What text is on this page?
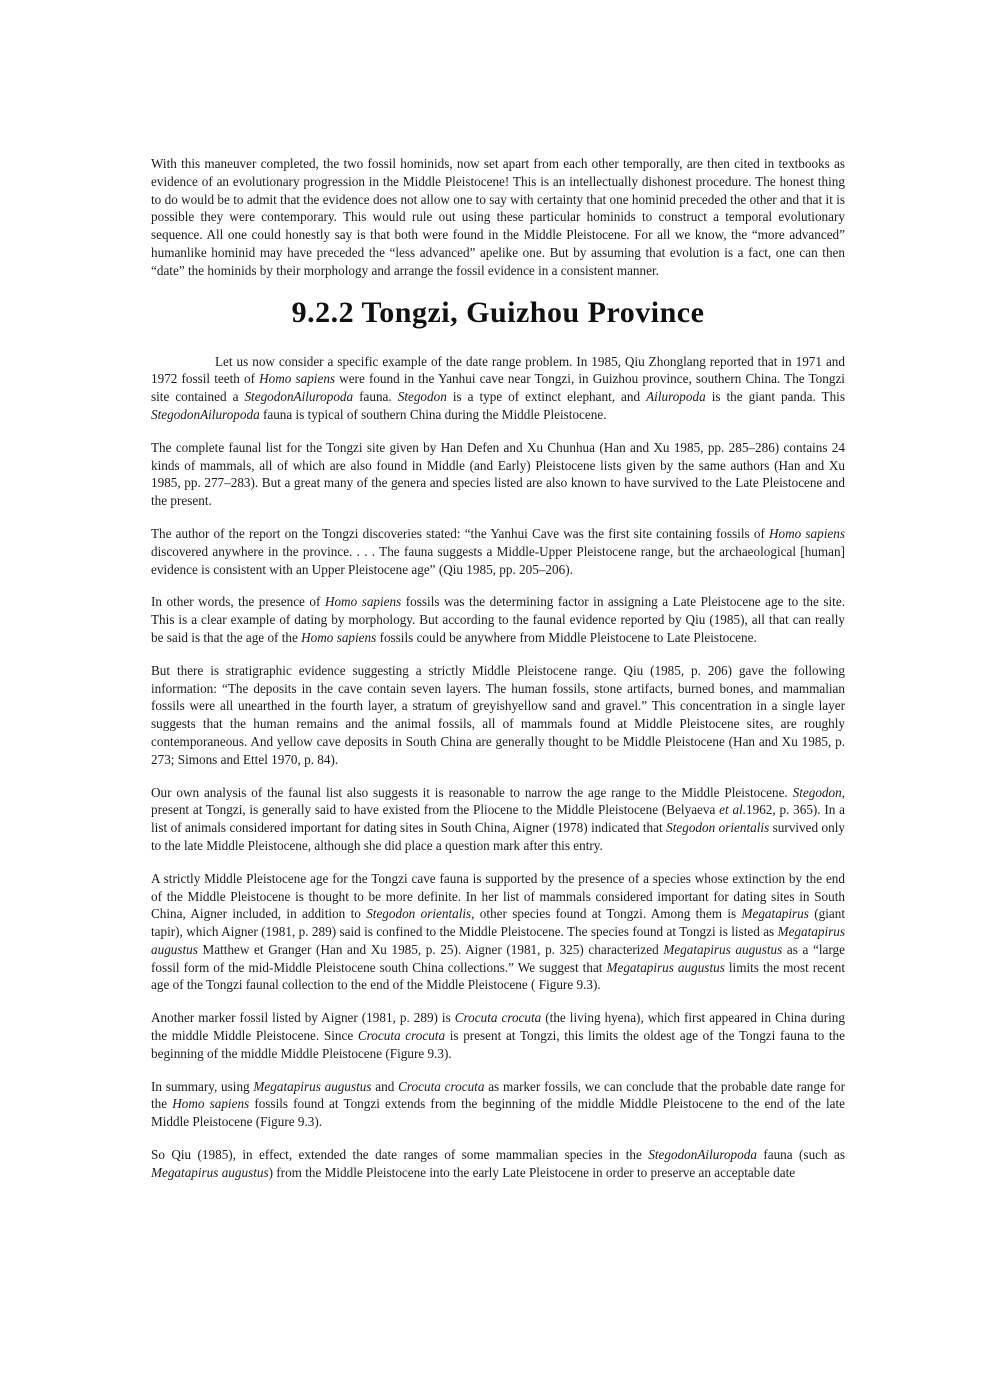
With this maneuver completed, the two fossil hominids, now set apart from each other temporally, are then cited in textbooks as evidence of an evolutionary progression in the Middle Pleistocene! This is an intellectually dishonest procedure. The honest thing to do would be to admit that the evidence does not allow one to say with certainty that one hominid preceded the other and that it is possible they were contemporary. This would rule out using these particular hominids to construct a temporal evolutionary sequence. All one could honestly say is that both were found in the Middle Pleistocene. For all we know, the “more advanced” humanlike hominid may have preceded the “less advanced” apelike one. But by assuming that evolution is a fact, one can then “date” the hominids by their morphology and arrange the fossil evidence in a consistent manner.

9.2.2 Tongzi, Guizhou Province

Let us now consider a specific example of the date range problem. In 1985, Qiu Zhonglang reported that in 1971 and 1972 fossil teeth of Homo sapiens were found in the Yanhui cave near Tongzi, in Guizhou province, southern China. The Tongzi site contained a StegodonAiluropoda fauna. Stegodon is a type of extinct elephant, and Ailuropoda is the giant panda. This StegodonAiluropoda fauna is typical of southern China during the Middle Pleistocene.

The complete faunal list for the Tongzi site given by Han Defen and Xu Chunhua (Han and Xu 1985, pp. 285–286) contains 24 kinds of mammals, all of which are also found in Middle (and Early) Pleistocene lists given by the same authors (Han and Xu 1985, pp. 277–283). But a great many of the genera and species listed are also known to have survived to the Late Pleistocene and the present.

The author of the report on the Tongzi discoveries stated: “the Yanhui Cave was the first site containing fossils of Homo sapiens discovered anywhere in the province. . . . The fauna suggests a Middle-Upper Pleistocene range, but the archaeological [human] evidence is consistent with an Upper Pleistocene age” (Qiu 1985, pp. 205–206).

In other words, the presence of Homo sapiens fossils was the determining factor in assigning a Late Pleistocene age to the site. This is a clear example of dating by morphology. But according to the faunal evidence reported by Qiu (1985), all that can really be said is that the age of the Homo sapiens fossils could be anywhere from Middle Pleistocene to Late Pleistocene.

But there is stratigraphic evidence suggesting a strictly Middle Pleistocene range. Qiu (1985, p. 206) gave the following information: “The deposits in the cave contain seven layers. The human fossils, stone artifacts, burned bones, and mammalian fossils were all unearthed in the fourth layer, a stratum of greyishyellow sand and gravel.” This concentration in a single layer suggests that the human remains and the animal fossils, all of mammals found at Middle Pleistocene sites, are roughly contemporaneous. And yellow cave deposits in South China are generally thought to be Middle Pleistocene (Han and Xu 1985, p. 273; Simons and Ettel 1970, p. 84).

Our own analysis of the faunal list also suggests it is reasonable to narrow the age range to the Middle Pleistocene. Stegodon, present at Tongzi, is generally said to have existed from the Pliocene to the Middle Pleistocene (Belyaeva et al.1962, p. 365). In a list of animals considered important for dating sites in South China, Aigner (1978) indicated that Stegodon orientalis survived only to the late Middle Pleistocene, although she did place a question mark after this entry.

A strictly Middle Pleistocene age for the Tongzi cave fauna is supported by the presence of a species whose extinction by the end of the Middle Pleistocene is thought to be more definite. In her list of mammals considered important for dating sites in South China, Aigner included, in addition to Stegodon orientalis, other species found at Tongzi. Among them is Megatapirus (giant tapir), which Aigner (1981, p. 289) said is confined to the Middle Pleistocene. The species found at Tongzi is listed as Megatapirus augustus Matthew et Granger (Han and Xu 1985, p. 25). Aigner (1981, p. 325) characterized Megatapirus augustus as a “large fossil form of the mid-Middle Pleistocene south China collections.” We suggest that Megatapirus augustus limits the most recent age of the Tongzi faunal collection to the end of the Middle Pleistocene ( Figure 9.3).

Another marker fossil listed by Aigner (1981, p. 289) is Crocuta crocuta (the living hyena), which first appeared in China during the middle Middle Pleistocene. Since Crocuta crocuta is present at Tongzi, this limits the oldest age of the Tongzi fauna to the beginning of the middle Middle Pleistocene (Figure 9.3).

In summary, using Megatapirus augustus and Crocuta crocuta as marker fossils, we can conclude that the probable date range for the Homo sapiens fossils found at Tongzi extends from the beginning of the middle Middle Pleistocene to the end of the late Middle Pleistocene (Figure 9.3).

So Qiu (1985), in effect, extended the date ranges of some mammalian species in the StegodonAiluropoda fauna (such as Megatapirus augustus) from the Middle Pleistocene into the early Late Pleistocene in order to preserve an acceptable date
